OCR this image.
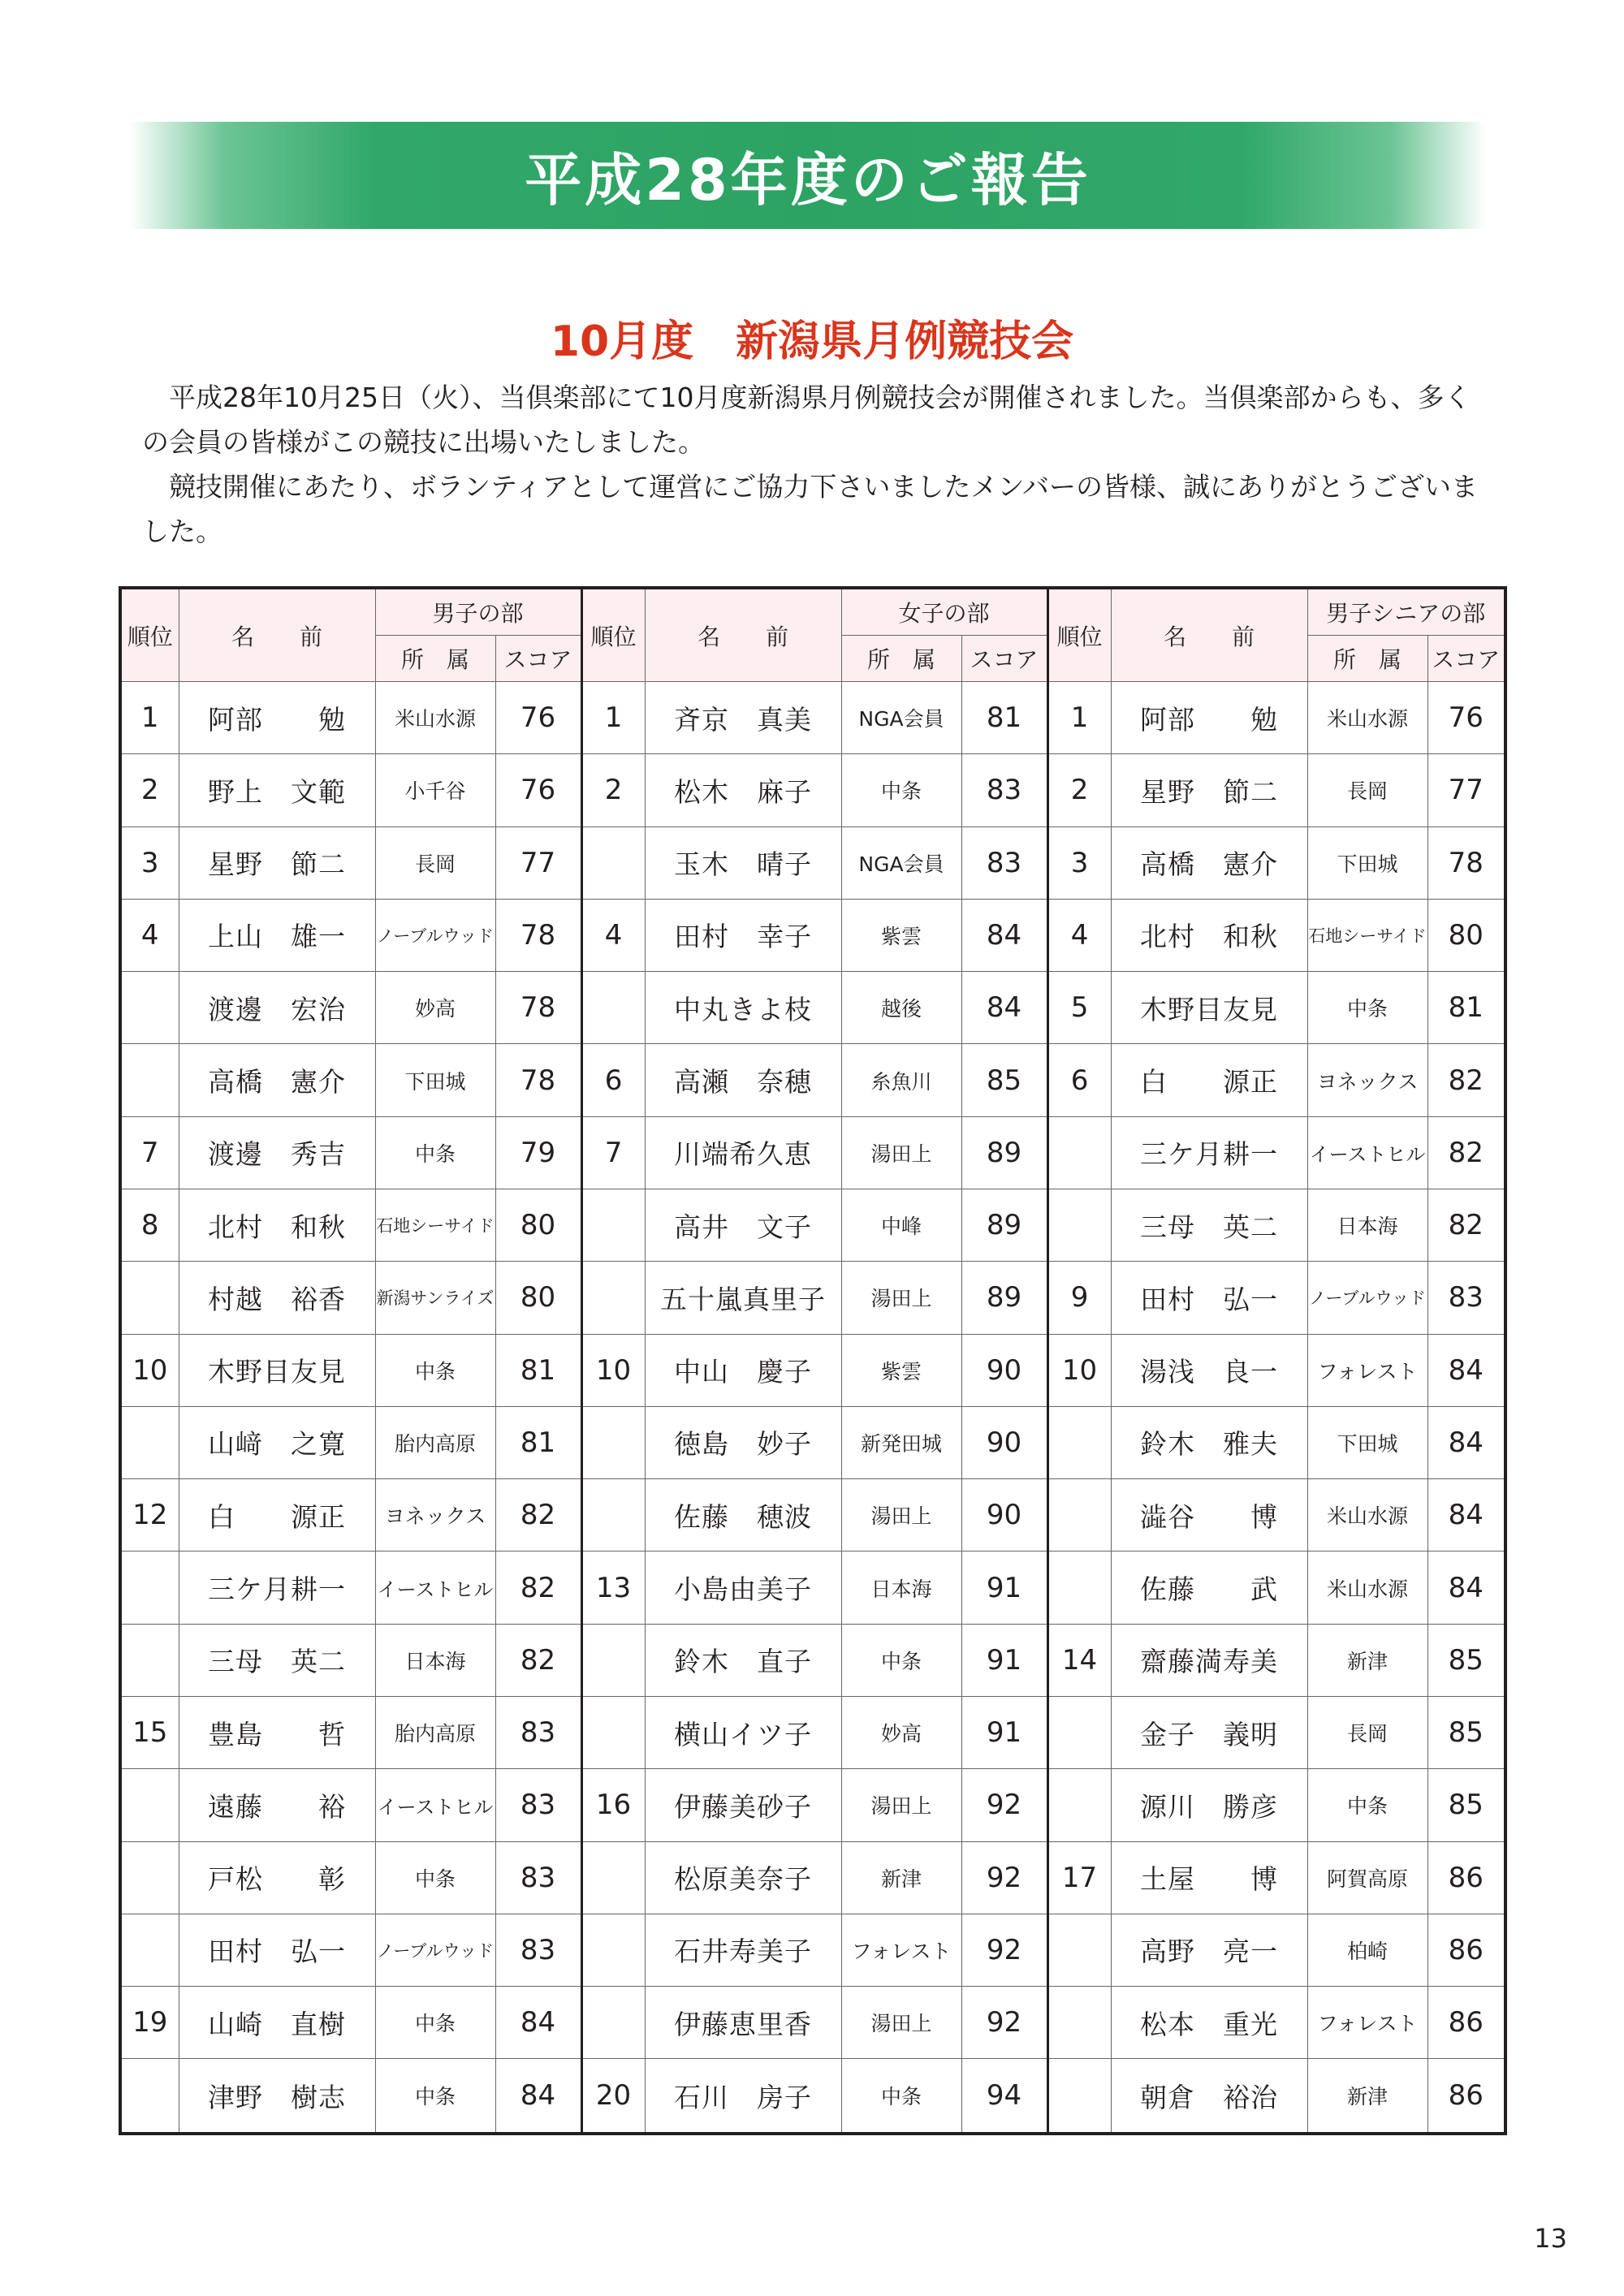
平成28年度のご報告
10月度　新潟県月例競技会

平成28年10月25日（火）、当倶楽部にて10月度新潟県月例競技会が開催されました。当倶楽部からも、多くの会員の皆様がこの競技に出場いたしました。

競技開催にあたり、ボランティアとして運営にご協力下さいましたメンバーの皆様、誠にありがとうございました。

順位	名　　前	男子の部		順位	名　　前	女子の部		順位	名　　前	男子シニアの部	
		所　属	スコア			所　属	スコア			所　属	スコア
1	阿部　　勉	米山水源	76	1	斉京　真美	NGA会員	81	1	阿部　　勉	米山水源	76
2	野上　文範	小千谷	76	2	松木　麻子	中条	83	2	星野　節二	長岡	77
3	星野　節二	長岡	77		玉木　晴子	NGA会員	83	3	高橋　憲介	下田城	78
4	上山　雄一	ノーブルウッド	78	4	田村　幸子	紫雲	84	4	北村　和秋	石地シーサイド	80
	渡邊　宏治	妙高	78		中丸きよ枝	越後	84	5	木野目友見	中条	81
	高橋　憲介	下田城	78	6	高瀬　奈穂	糸魚川	85	6	白　　源正	ヨネックス	82
7	渡邊　秀吉	中条	79	7	川端希久恵	湯田上	89		三ケ月耕一	イーストヒル	82
8	北村　和秋	石地シーサイド	80		高井　文子	中峰	89		三母　英二	日本海	82
	村越　裕香	新潟サンライズ	80		五十嵐真里子	湯田上	89	9	田村　弘一	ノーブルウッド	83
10	木野目友見	中条	81	10	中山　慶子	紫雲	90	10	湯浅　良一	フォレスト	84
	山﨑　之寛	胎内高原	81		徳島　妙子	新発田城	90		鈴木　雅夫	下田城	84
12	白　　源正	ヨネックス	82		佐藤　穂波	湯田上	90		澁谷　　博	米山水源	84
	三ケ月耕一	イーストヒル	82	13	小島由美子	日本海	91		佐藤　　武	米山水源	84
	三母　英二	日本海	82		鈴木　直子	中条	91	14	齋藤満寿美	新津	85
15	豊島　　哲	胎内高原	83		横山イツ子	妙高	91		金子　義明	長岡	85
	遠藤　　裕	イーストヒル	83	16	伊藤美砂子	湯田上	92		源川　勝彦	中条	85
	戸松　　彰	中条	83		松原美奈子	新津	92	17	土屋　　博	阿賀高原	86
	田村　弘一	ノーブルウッド	83		石井寿美子	フォレスト	92		高野　亮一	柏崎	86
19	山崎　直樹	中条	84		伊藤恵里香	湯田上	92		松本　重光	フォレスト	86
	津野　樹志	中条	84	20	石川　房子	中条	94		朝倉　裕治	新津	86
13
